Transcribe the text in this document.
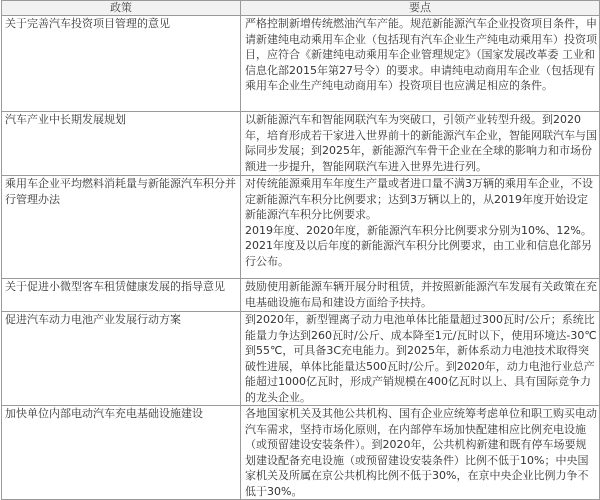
政策	要点
关于完善汽车投资项目管理的意见	严格控制新增传统燃油汽车产能。规范新能源汽车企业投资项目条件，申请新建纯电动乘用车企业（包括现有汽车企业生产纯电动乘用车）投资项目，应符合《新建纯电动乘用车企业管理规定》（国家发展改革委 工业和信息化部2015年第27号令）的要求。申请纯电动商用车企业（包括现有乘用车企业生产纯电动商用车）投资项目也应满足相应的条件。

汽车产业中长期发展规划	以新能源汽车和智能网联汽车为突破口，引领产业转型升级。到2020年，培育形成若干家进入世界前十的新能源汽车企业，智能网联汽车与国际同步发展；到2025年，新能源汽车骨干企业在全球的影响力和市场份额进一步提升，智能网联汽车进入世界先进行列。

乘用车企业平均燃料消耗量与新能源汽车积分并行管理办法	对传统能源乘用车年度生产量或者进口量不满3万辆的乘用车企业，不设定新能源汽车积分比例要求；达到3万辆以上的，从2019年度开始设定新能源汽车积分比例要求。
2019年度、2020年度，新能源汽车积分比例要求分别为10%、12%。2021年度及以后年度的新能源汽车积分比例要求，由工业和信息化部另行公布。

关于促进小微型客车租赁健康发展的指导意见	鼓励使用新能源车辆开展分时租赁，并按照新能源汽车发展有关政策在充电基础设施布局和建设方面给予扶持。

促进汽车动力电池产业发展行动方案	到2020年，新型锂离子动力电池单体比能量超过300瓦时/公斤；系统比能量力争达到260瓦时/公斤、成本降至1元/瓦时以下，使用环境达-30℃到55℃，可具备3C充电能力。到2025年，新体系动力电池技术取得突破性进展，单体比能量达500瓦时/公斤。到2020年，动力电池行业总产能超过1000亿瓦时，形成产销规模在400亿瓦时以上、具有国际竞争力的龙头企业。

加快单位内部电动汽车充电基础设施建设	各地国家机关及其他公共机构、国有企业应统筹考虑单位和职工购买电动汽车需求，坚持市场化原则，在内部停车场加快配建相应比例充电设施（或预留建设安装条件）。到2020年，公共机构新建和既有停车场要规划建设配备充电设施（或预留建设安装条件）比例不低于10%；中央国家机关及所属在京公共机构比例不低于30%，在京中央企业比例力争不低于30%。
